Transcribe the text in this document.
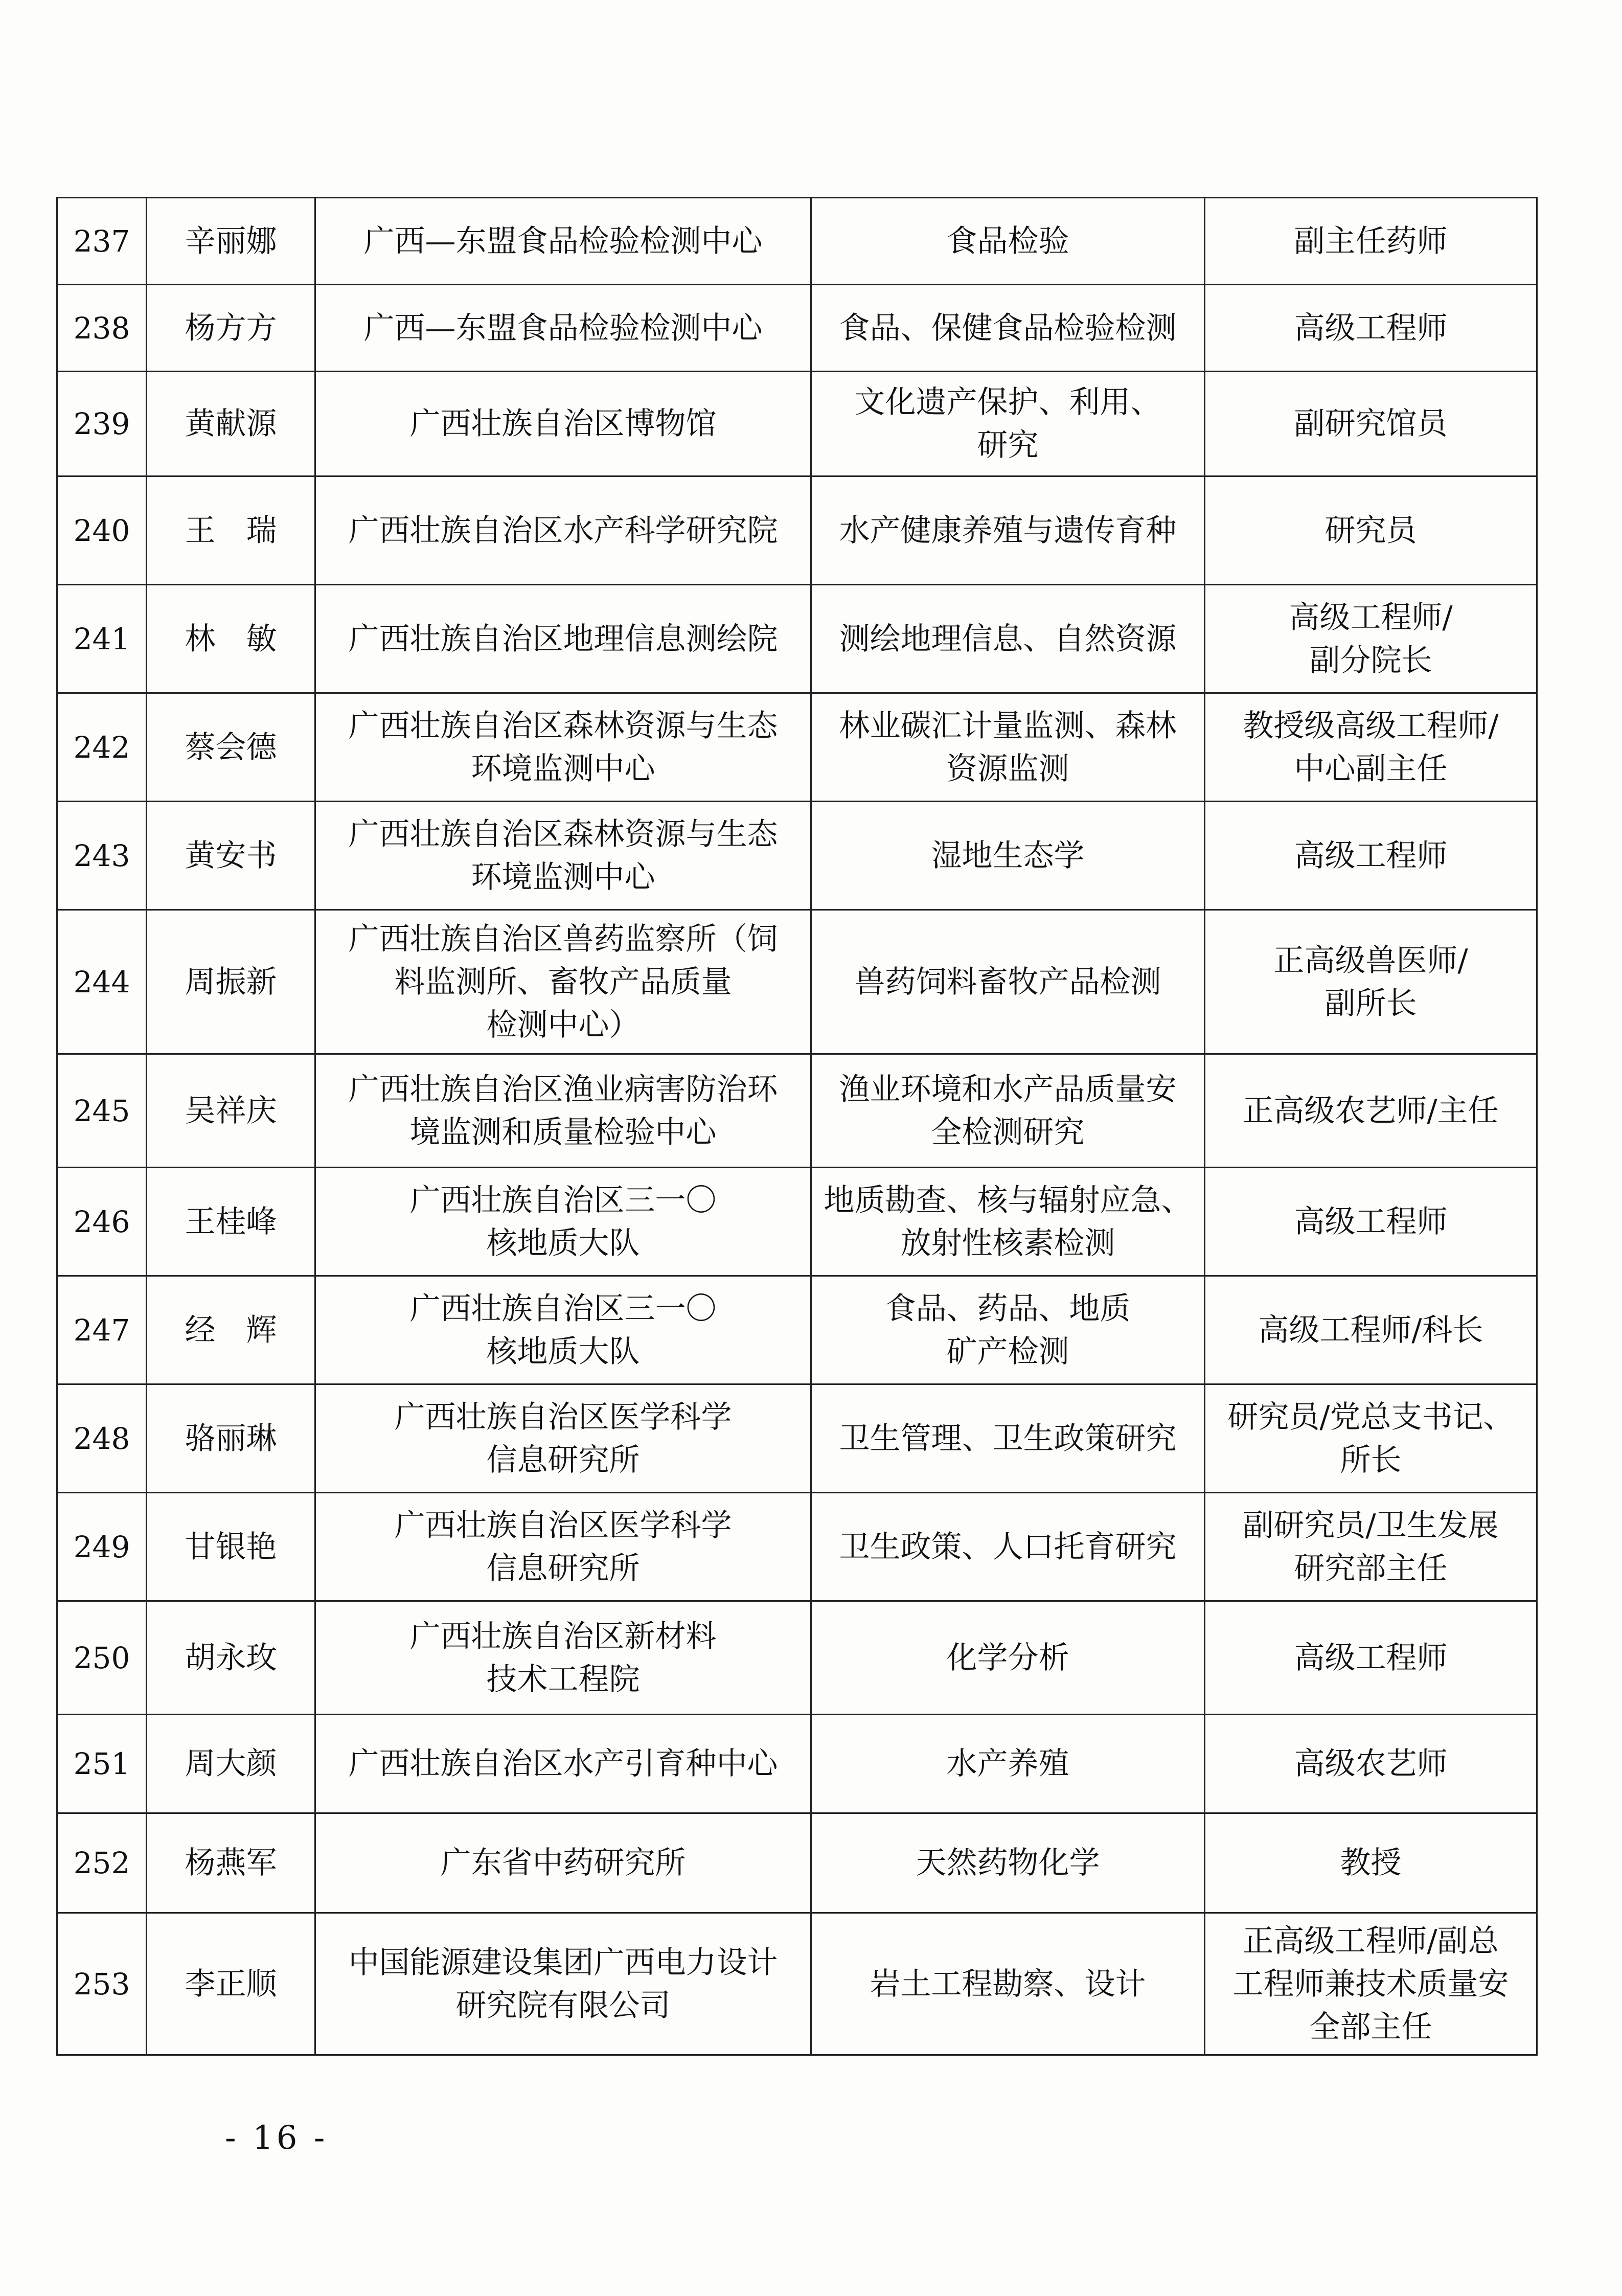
237	辛丽娜	广西—东盟食品检验检测中心	食品检验	副主任药师

238	杨方方	广西—东盟食品检验检测中心	食品、保健食品检验检测	高级工程师

239	黄献源	广西壮族自治区博物馆	文化遗产保护、利用、
研究	副研究馆员

240	王　瑞	广西壮族自治区水产科学研究院	水产健康养殖与遗传育种	研究员

241	林　敏	广西壮族自治区地理信息测绘院	测绘地理信息、自然资源	高级工程师/
副分院长

242	蔡会德	广西壮族自治区森林资源与生态
环境监测中心	林业碳汇计量监测、森林
资源监测	教授级高级工程师/
中心副主任

243	黄安书	广西壮族自治区森林资源与生态
环境监测中心	湿地生态学	高级工程师

244	周振新	广西壮族自治区兽药监察所（饲
料监测所、畜牧产品质量
检测中心）	兽药饲料畜牧产品检测	正高级兽医师/
副所长

245	吴祥庆	广西壮族自治区渔业病害防治环
境监测和质量检验中心	渔业环境和水产品质量安
全检测研究	正高级农艺师/主任

246	王桂峰	广西壮族自治区三一〇
核地质大队	地质勘查、核与辐射应急、
放射性核素检测	高级工程师

247	经　辉	广西壮族自治区三一〇
核地质大队	食品、药品、地质
矿产检测	高级工程师/科长

248	骆丽琳	广西壮族自治区医学科学
信息研究所	卫生管理、卫生政策研究	研究员/党总支书记、
所长

249	甘银艳	广西壮族自治区医学科学
信息研究所	卫生政策、人口托育研究	副研究员/卫生发展
研究部主任

250	胡永玫	广西壮族自治区新材料
技术工程院	化学分析	高级工程师

251	周大颜	广西壮族自治区水产引育种中心	水产养殖	高级农艺师

252	杨燕军	广东省中药研究所	天然药物化学	教授

253	李正顺	中国能源建设集团广西电力设计
研究院有限公司	岩土工程勘察、设计	正高级工程师/副总
工程师兼技术质量安
全部主任
- 16 -
